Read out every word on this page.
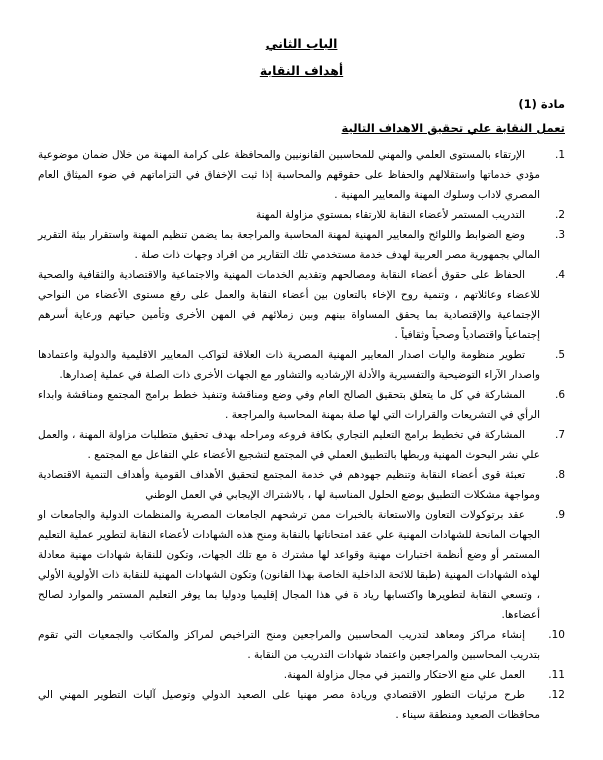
الباب الثاني
أهداف النقابة
مادة (1)
تعمل النقابة علي تحقيق الاهداف التالية
1.
الإرتقاء بالمستوى العلمي والمهني للمحاسبين القانونيين والمحافظة على كرامة المهنة من خلال ضمان موضوعية مؤدي خدماتها واستقلالهم والحفاظ على حقوقهم والمحاسبة إذا ثبت الإخفاق في التزاماتهم في ضوء الميثاق العام المصري لاداب وسلوك المهنة والمعايير المهنية .
2.
التدريب المستمر لأعضاء النقابة للارتقاء بمستوي مزاولة المهنة
3.
وضع الضوابط واللوائح والمعايير المهنية لمهنة المحاسبة والمراجعة بما يضمن تنظيم المهنة واستقرار بيئة التقرير المالي بجمهورية مصر العربية لهدف خدمة مستخدمي تلك التقارير من افراد وجهات ذات صلة .
4.
الحفاظ على حقوق أعضاء النقابة ومصالحهم وتقديم الخدمات المهنية والاجتماعية والاقتصادية والثقافية والصحية للاعضاء وعائلاتهم ، وتنمية روح الإخاء بالتعاون بين أعضاء النقابة والعمل على رفع مستوى الأعضاء من النواحي الإجتماعية والإقتصادية بما يحقق المساواة بينهم وبين زملائهم في المهن الأخرى وتأمين حياتهم ورعاية أسرهم إجتماعياً واقتصادياً وصحياً وثقافياً .
5.
تطوير منظومة واليات اصدار المعايير المهنية المصرية ذات العلاقة لتواكب المعايير الاقليمية والدولية واعتمادها واصدار الآراء التوضيحية والتفسيرية والأدلة الإرشاديه والتشاور مع الجهات الأخرى ذات الصلة في عملية إصدارها.
6.
المشاركة في كل ما يتعلق بتحقيق الصالح العام وفي وضع ومناقشة وتنفيذ خطط برامج المجتمع ومناقشة وابداء الرأي في التشريعات والقرارات التي لها صلة بمهنة المحاسبة والمراجعة .
7.
المشاركة في تخطيط برامج التعليم التجاري بكافة فروعه ومراحله بهدف تحقيق متطلبات مزاولة المهنة ، والعمل علي نشر البحوث المهنية وربطها بالتطبيق العملي في المجتمع لتشجيع الأعضاء علي التفاعل مع المجتمع .
8.
تعبئة قوى أعضاء النقابة وتنظيم جهودهم في خدمة المجتمع لتحقيق الأهداف القومية وأهداف التنمية الاقتصادية ومواجهة مشكلات التطبيق بوضع الحلول المناسبة لها ، بالاشتراك الإيجابي في العمل الوطني
9.
عقد برتوكولات التعاون والاستعانة بالخبرات ممن ترشحهم الجامعات المصرية والمنظمات الدولية والجامعات او الجهات المانحة للشهادات المهنية علي عقد امتحاناتها بالنقابة ومنح هذه الشهادات لأعضاء النقابة لتطوير عملية التعليم المستمر أو وضع أنظمة اختبارات مهنية وقواعد لها مشترك ة مع تلك الجهات، وتكون للنقابة شهادات مهنية معادلة لهذه الشهادات المهنية (طبقا للائحة الداخلية الخاصة بهذا القانون) وتكون الشهادات المهنية للنقابة ذات الأولوية الأولي ، وتسعي النقابة لتطويرها واكتسابها رياد ة في هذا المجال إقليميا ودوليا بما يوفر التعليم المستمر والموارد لصالح أعضاءها.
10.
إنشاء مراكز ومعاهد لتدريب المحاسبين والمراجعين ومنح التراخيص لمراكز والمكاتب والجمعيات التي تقوم بتدريب المحاسبين والمراجعين واعتماد شهادات التدريب من النقابة .
11.
العمل علي منع الاحتكار والتميز في مجال مزاولة المهنة.
12.
طرح مرئيات التطور الاقتصادي وريادة مصر مهنيا على الصعيد الدولي وتوصيل آليات التطوير المهني الي محافظات الصعيد ومنطقة سيناء .
